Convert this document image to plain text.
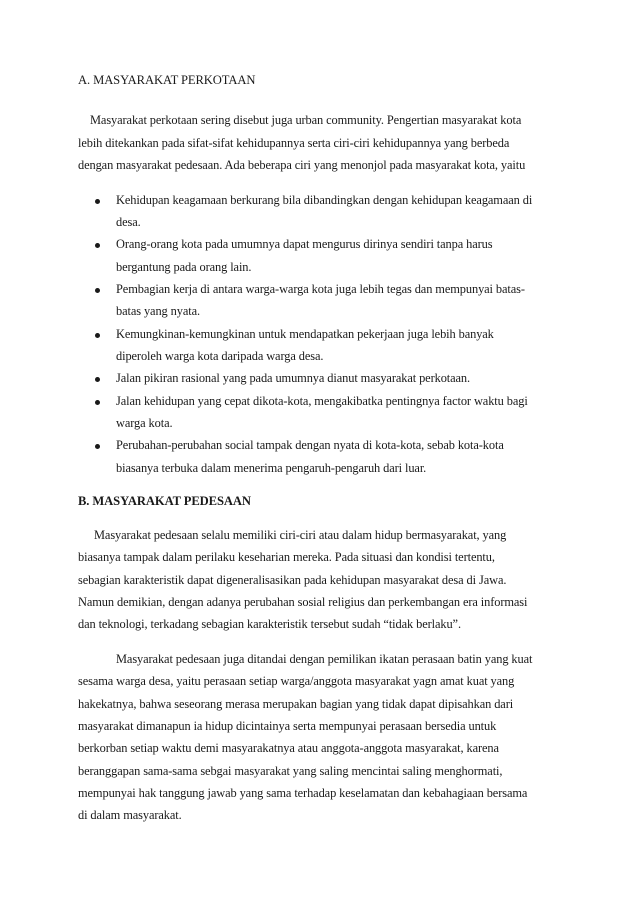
A. MASYARAKAT PERKOTAAN

Masyarakat perkotaan sering disebut juga urban community. Pengertian masyarakat kota

lebih ditekankan pada sifat-sifat kehidupannya serta ciri-ciri kehidupannya yang berbeda

dengan masyarakat pedesaan. Ada beberapa ciri yang menonjol pada masyarakat kota, yaitu

Kehidupan keagamaan berkurang bila dibandingkan dengan kehidupan keagamaan di

desa.

Orang-orang kota pada umumnya dapat mengurus dirinya sendiri tanpa harus

bergantung pada orang lain.

Pembagian kerja di antara warga-warga kota juga lebih tegas dan mempunyai batas-

batas yang nyata.

Kemungkinan-kemungkinan untuk mendapatkan pekerjaan juga lebih banyak

diperoleh warga kota daripada warga desa.

Jalan pikiran rasional yang pada umumnya dianut masyarakat perkotaan.

Jalan kehidupan yang cepat dikota-kota, mengakibatka pentingnya factor waktu bagi

warga kota.

Perubahan-perubahan social tampak dengan nyata di kota-kota, sebab kota-kota

biasanya terbuka dalam menerima pengaruh-pengaruh dari luar.

B. MASYARAKAT PEDESAAN

Masyarakat pedesaan selalu memiliki ciri-ciri atau dalam hidup bermasyarakat, yang

biasanya tampak dalam perilaku keseharian mereka. Pada situasi dan kondisi tertentu,

sebagian karakteristik dapat digeneralisasikan pada kehidupan masyarakat desa di Jawa.

Namun demikian, dengan adanya perubahan sosial religius dan perkembangan era informasi

dan teknologi, terkadang sebagian karakteristik tersebut sudah “tidak berlaku”.

Masyarakat pedesaan juga ditandai dengan pemilikan ikatan perasaan batin yang kuat

sesama warga desa, yaitu perasaan setiap warga/anggota masyarakat yagn amat kuat yang

hakekatnya, bahwa seseorang merasa merupakan bagian yang tidak dapat dipisahkan dari

masyarakat dimanapun ia hidup dicintainya serta mempunyai perasaan bersedia untuk

berkorban setiap waktu demi masyarakatnya atau anggota-anggota masyarakat, karena

beranggapan sama-sama sebgai masyarakat yang saling mencintai saling menghormati,

mempunyai hak tanggung jawab yang sama terhadap keselamatan dan kebahagiaan bersama

di dalam masyarakat.
